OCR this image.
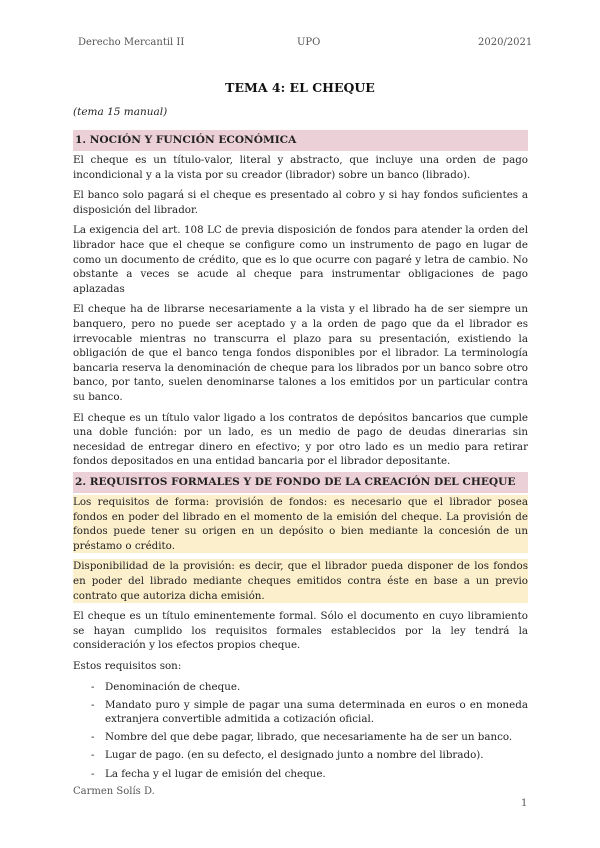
Derecho Mercantil II	UPO	2020/2021
TEMA 4: EL CHEQUE
(tema 15 manual)
1. NOCIÓN Y FUNCIÓN ECONÓMICA

El cheque es un título-valor, literal y abstracto, que incluye una orden de pago incondicional y a la vista por su creador (librador) sobre un banco (librado).

El banco solo pagará si el cheque es presentado al cobro y si hay fondos suficientes a disposición del librador.

La exigencia del art. 108 LC de previa disposición de fondos para atender la orden del librador hace que el cheque se configure como un instrumento de pago en lugar de como un documento de crédito, que es lo que ocurre con pagaré y letra de cambio. No obstante a veces se acude al cheque para instrumentar obligaciones de pago aplazadas

El cheque ha de librarse necesariamente a la vista y el librado ha de ser siempre un banquero, pero no puede ser aceptado y a la orden de pago que da el librador es irrevocable mientras no transcurra el plazo para su presentación, existiendo la obligación de que el banco tenga fondos disponibles por el librador. La terminología bancaria reserva la denominación de cheque para los librados por un banco sobre otro banco, por tanto, suelen denominarse talones a los emitidos por un particular contra su banco.

El cheque es un título valor ligado a los contratos de depósitos bancarios que cumple una doble función: por un lado, es un medio de pago de deudas dinerarias sin necesidad de entregar dinero en efectivo; y por otro lado es un medio para retirar fondos depositados en una entidad bancaria por el librador depositante.

2. REQUISITOS FORMALES Y DE FONDO DE LA CREACIÓN DEL CHEQUE

Los requisitos de forma: provisión de fondos: es necesario que el librador posea fondos en poder del librado en el momento de la emisión del cheque. La provisión de fondos puede tener su origen en un depósito o bien mediante la concesión de un préstamo o crédito.

Disponibilidad de la provisión: es decir, que el librador pueda disponer de los fondos en poder del librado mediante cheques emitidos contra éste en base a un previo contrato que autoriza dicha emisión.

El cheque es un título eminentemente formal. Sólo el documento en cuyo libramiento se hayan cumplido los requisitos formales establecidos por la ley tendrá la consideración y los efectos propios cheque.

Estos requisitos son:

- Denominación de cheque.
- Mandato puro y simple de pagar una suma determinada en euros o en moneda extranjera convertible admitida a cotización oficial.
- Nombre del que debe pagar, librado, que necesariamente ha de ser un banco.
- Lugar de pago. (en su defecto, el designado junto a nombre del librado).
- La fecha y el lugar de emisión del cheque.
Carmen Solís D.
1
